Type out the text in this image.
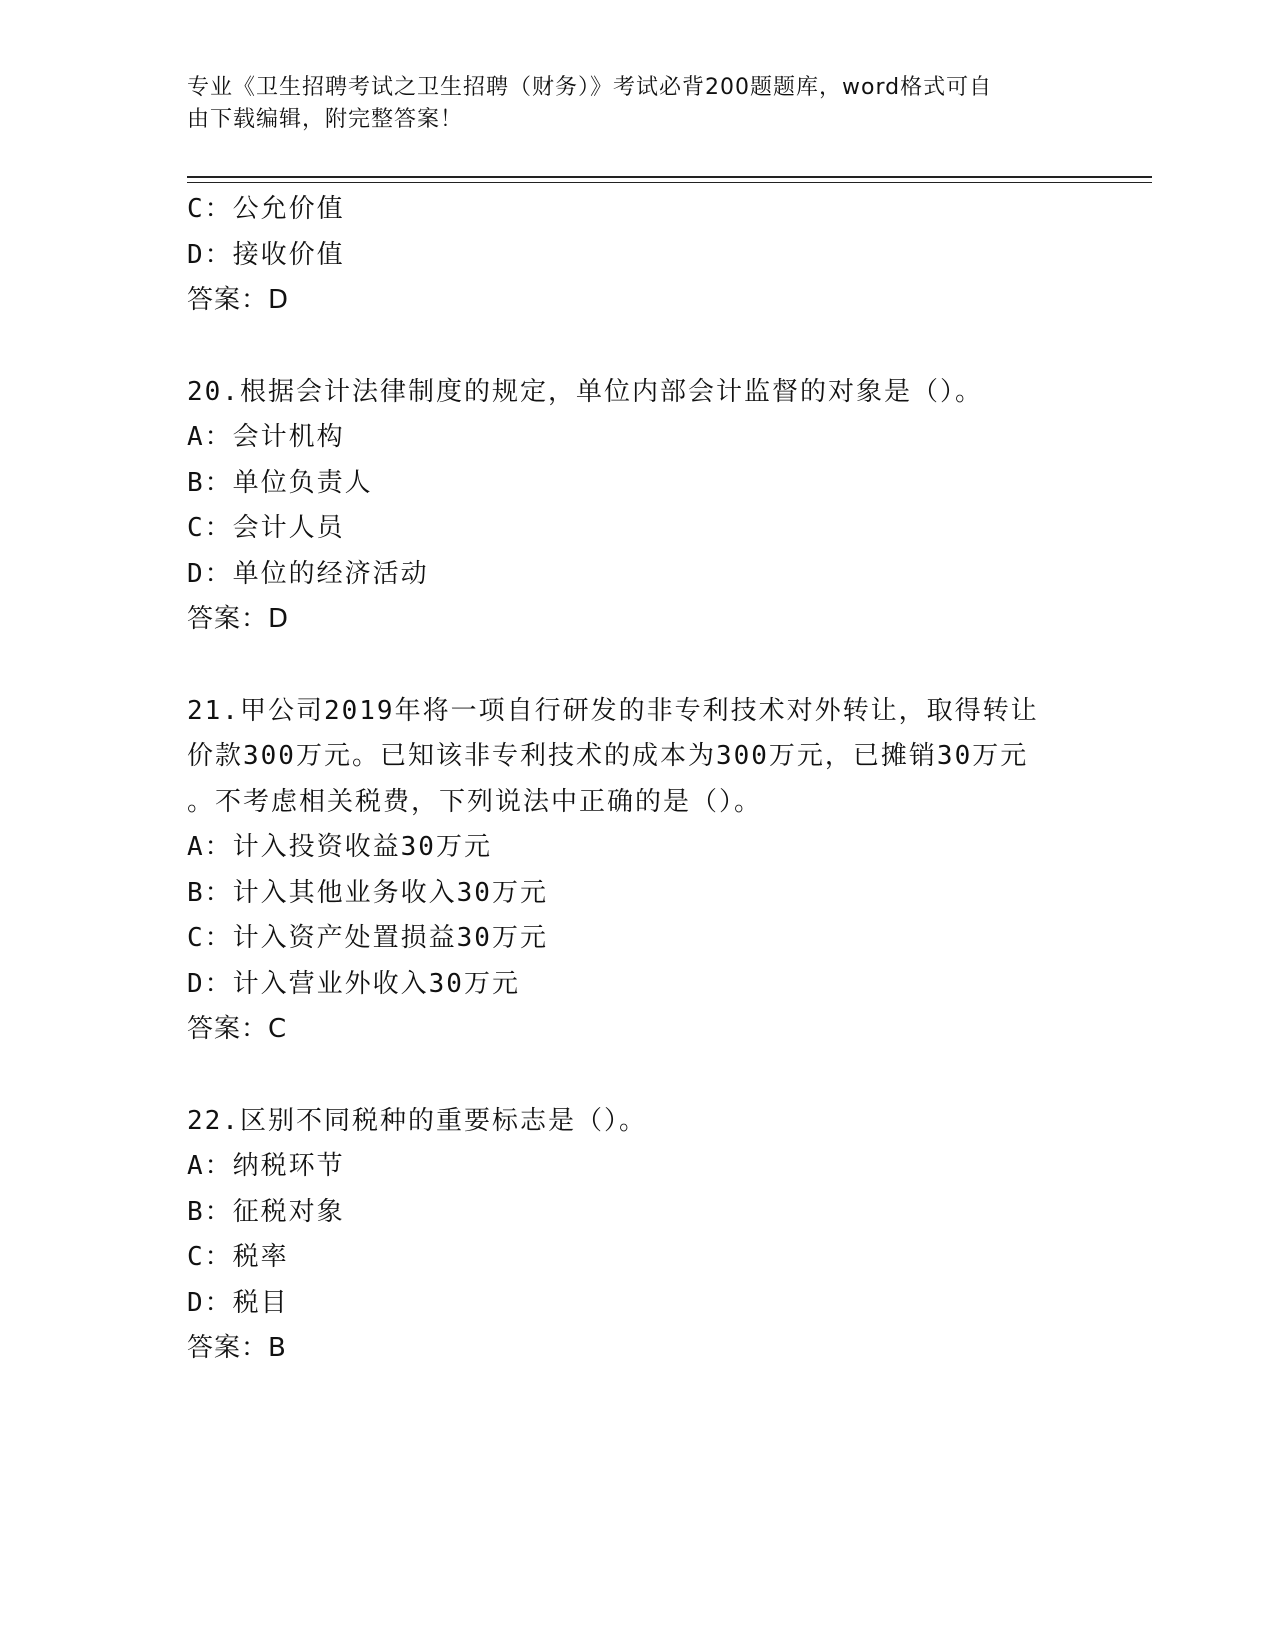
专业《卫生招聘考试之卫生招聘（财务）》考试必背200题题库，word格式可自
由下载编辑，附完整答案！
C：公允价值
D：接收价值
答案：D
20.根据会计法律制度的规定，单位内部会计监督的对象是（）。
A：会计机构
B：单位负责人
C：会计人员
D：单位的经济活动
答案：D
21.甲公司2019年将一项自行研发的非专利技术对外转让，取得转让
价款300万元。已知该非专利技术的成本为300万元，已摊销30万元
。不考虑相关税费，下列说法中正确的是（）。
A：计入投资收益30万元
B：计入其他业务收入30万元
C：计入资产处置损益30万元
D：计入营业外收入30万元
答案：C
22.区别不同税种的重要标志是（）。
A：纳税环节
B：征税对象
C：税率
D：税目
答案：B
